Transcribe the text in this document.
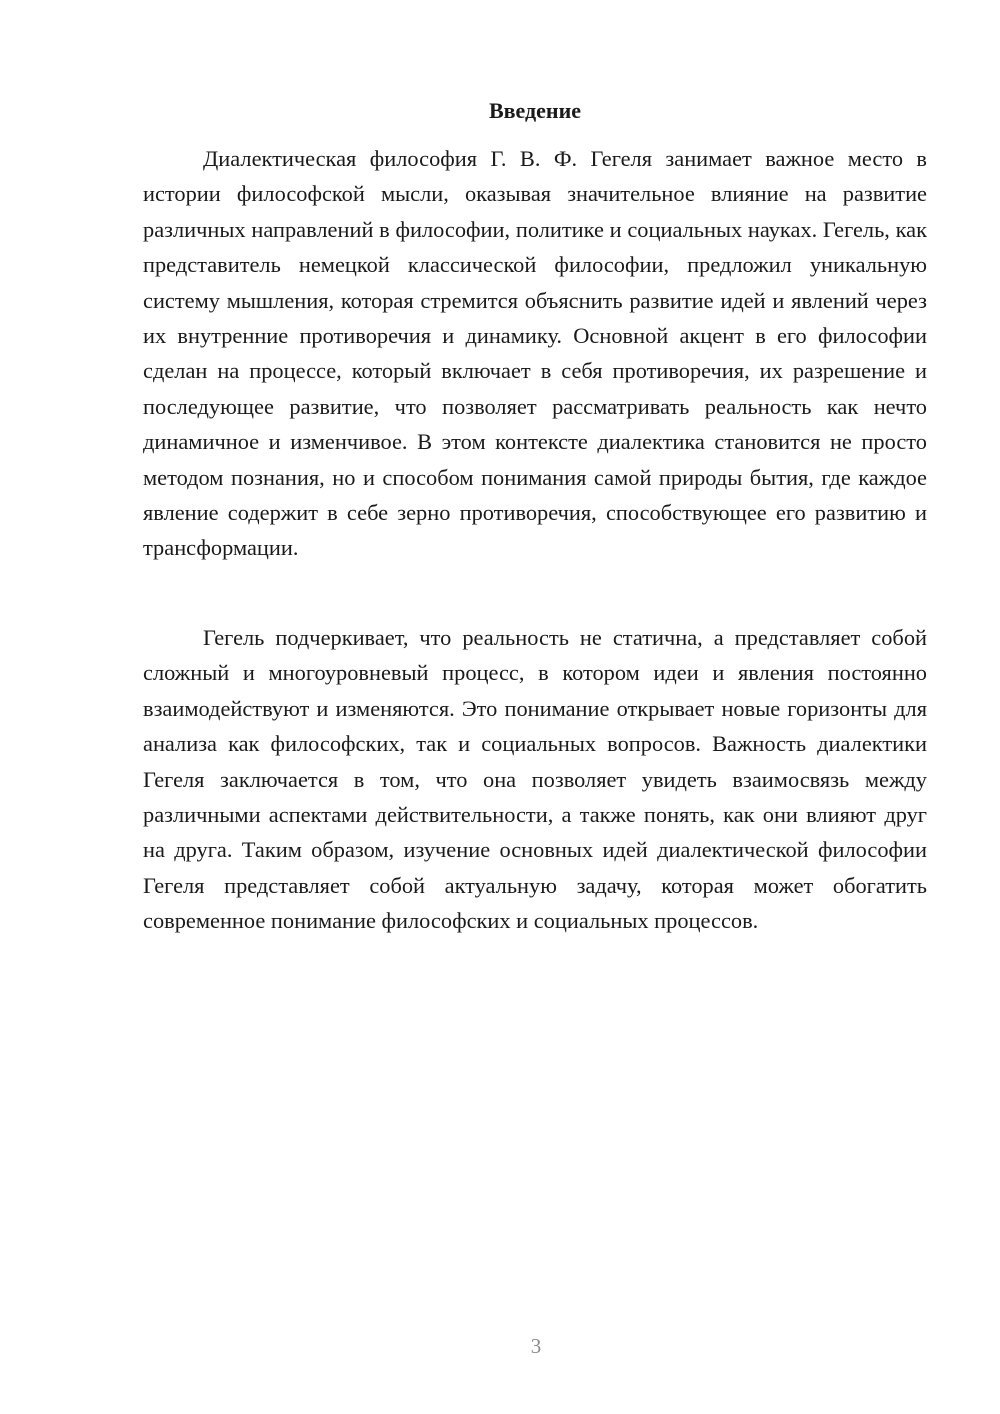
Введение

Диалектическая философия Г. В. Ф. Гегеля занимает важное место в истории философской мысли, оказывая значительное влияние на развитие различных направлений в философии, политике и социальных науках. Гегель, как представитель немецкой классической философии, предложил уникальную систему мышления, которая стремится объяснить развитие идей и явлений через их внутренние противоречия и динамику. Основной акцент в его философии сделан на процессе, который включает в себя противоречия, их разрешение и последующее развитие, что позволяет рассматривать реальность как нечто динамичное и изменчивое. В этом контексте диалектика становится не просто методом познания, но и способом понимания самой природы бытия, где каждое явление содержит в себе зерно противоречия, способствующее его развитию и трансформации.

Гегель подчеркивает, что реальность не статична, а представляет собой сложный и многоуровневый процесс, в котором идеи и явления постоянно взаимодействуют и изменяются. Это понимание открывает новые горизонты для анализа как философских, так и социальных вопросов. Важность диалектики Гегеля заключается в том, что она позволяет увидеть взаимосвязь между различными аспектами действительности, а также понять, как они влияют друг на друга. Таким образом, изучение основных идей диалектической философии Гегеля представляет собой актуальную задачу, которая может обогатить современное понимание философских и социальных процессов.

3
